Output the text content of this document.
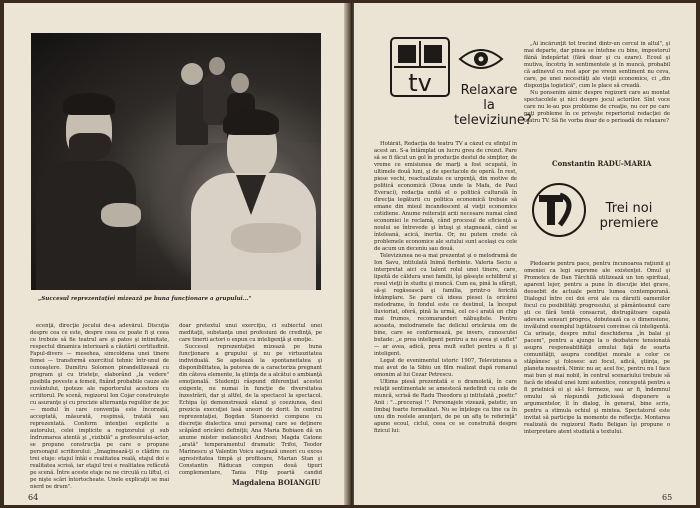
„Succesul reprezentaţiei mizează pe buna funcţionare a grupului..."

ecenţă, direcţie jocului de-a adevărul. Discuţia despre cea ce este, despre ceea ce poate fi şi ceea ce trebuie să fie teatrul are şi patos şi intimitate, respectul dinamica interioară a căutării certitudinii. Fapul-divers — mesehea, simcoldena unei tinere femei — transformă exercitiul tehnic într-unul de cunoaştere. Dumitru Solomon pirandellizează cu program şi cu tristeţe, elaborând „la vedere" posibila poveste a femeii, fixând probabile cauze ale cuvântului, ipoteze ale raportorului acestora cu scriitorul. Pe scenă, regizorul Ion Cojar construieşte cu asuranţe şi cu precizie alternanţa regulilor de joc — modul în care convenţia este încorzată, acceptată, măsurată, respinsă, tratată sau reprezentată. Conform intenţiei explicite a autorului, celei implicite a regizorului şi sub îndrumarea atentă şi „vizibilă" a profesorului-actor, se propune construcţia pe care o propune personajul scriitorului: „Imaginează-ţi o clădire cu trei etaje: etajul întâi e realitatea reală, etajul doi e realitatea scrisă, iar etajul trei e realitatea refăcută pe scenă. Între aceste etaje ne ne circulă cu liftul, ci pe nişte scări întortocheate. Unele explicaţii se mai pierd pe drum".

doar pretextul unui exerciţiu, ci subiectul unei meditaţii, substanţa unei profesiuni de credinţă, pe care tinerii actori o expun cu inteligenţă şi emoţie.

Succesul reprezentaţiei mizează pe buna funcţionare a grupului şi nu pe virtuozitatea individuală. Se apelează la spontaneitatea şi disponibilitatea, la puterea de a caracteriza pregnant din câteva elemente, la ştiinţa de a alcătui o ambianţă emoţională. Studenţii răspund diferenţiat acestei exigente, nu numai în funcţie de diversitatea înzestrării, dar şi altfel, de la spectacol la spectacol. Echipa îşi demonstrează elanul şi coeziunea, desi prezicia execuţiei lasă uneori de dorit. În centrul reprezentaţiei, Bogdan Stanoevici compune cu discreţie dialectica unui personaj care se deţinere scăpând oricărei definiţii; Ana Maria Bobiaon dă un anume mister melancolici Andreei; Magda Catone „arată" temperamentul dramatic Trifoi, Teodor Marinescu şi Valentin Voicu sarjează uneori cu exces agresivitatea timpă şi profitoare, Marian Stan şi Constantin Răducan compun două tipuri complementare, Tania Filip poartă candid

Magdalena BOIANGIU
64
tv	Relaxare la televiziune?

Hotărât, Redacţia de teatru TV a căzut cu sfinţul în acest an. S-a întâmplat un lucru greu de crezut. Pare să se fi făcut un gol în producţie destul de simţitor, de vreme ce emisiunea de marţi a fost ocupată, în ultimele două luni, şi de spectacole de operă. În rest, piese vechi, reactualizate ce urgenţă, din motive de politică economică (Doua unde la Mafa, de Paul Everaci), redacţia unită el o politică culturală în direcţia legăturii cu politica economică trebuie să emane din mieul incandescent al vieţii economice cotidiene. Anume reiterații ariii necesare numai când economiei le reclamă, când procesul de eficienţă a noului se întrevede şi întuşi şi stagnează, când se înteleană, acică, inertia. Or, nu putem crede că problemele economice ale sutului sunt acelaşi cu cele de acum un deceniu sau două.

Televiziunea ne-a mai prezentat şi o melodramă de Ion Savu, intitulată Inimă fierbinte. Valeria Seciu a interpretat aici cu talent rolul unei tinere, care, lipsită de căldura unei familii, îşi găseşte echilibrul şi rosul vieţii în studiu şi muncă. Cum ea, pină la sfârşit, să-şi regăsească şi familia, printr-o fericită întâmplare. Se pare că ideea piesei (a oricărei melodrame, în fondul este ce destinul, la început iluvioriat, oferă, pină la urmă, cel ce-i arată un chip mai frumos, recomaranderi năbuşitele. Pentru aceasta, melodramele fac deliciul oricăruia om de bine, care se conformează, pe invers, cunoscutei butade: „e prea inteligent pentru a nu avea şi suflet" — ar avea, adică, prea mult suflet pentru a fi şi inteligent.

Legat de evenimentul istoric 1907, Televiziunea a mai avut de la Sibiu un film realizat după romanul omonim al lui Cezar Petrescu.

Ultima piesă prezentată e o dramoletă, în care relaţii sentimentale se amestecă nedefinit cu cele de muncă, scrisă de Radu Theodoru şi intitulată „poetic" Anii : "...preceraşi !". Personajele vizează, patetic, un limbaj foarte formalizat. Nu se înţelege ca tine ca în unu din reelele anunţuri, de pe un afiş te referinţă" apune ecoul, ciclul, ceea ce se construită despre fizicul lui:

„Ai încărunţit tot trecind dintr-un cercul în altul", şi mai departe, dar pinea se întehne cu bine, impostorul făină îndepărtat (fără doar şi cu ezare). Ecoul şi mutiva, încotriş în sentimentele şi în muncă, probabil că adinevul cu rost apor pe vreun sentiment nu ceva, care, pe unei necesităţi ale vieţii economice, ci „din dispoziţia logistică", cum le place să creadă.

Nu ponsenim aimic despre regizorii care au montat spectacolele şi nici despre jocul actorilor. Sînt voce care nu le-au pus probleme de creaţie, nu cer pe care puţi probleme în ce priveşte repertoriul redacţiei de teatru TV. Să fie vorba doar de o perioadă de relaxare?

Constantin RADU-MARIA
Trei noi premiere

Pledoarie pentru pace, pentru încunoarea raţiunii şi omeniei ca legi supreme ale existenţei. Omul şi Prometeu de Dan Tărchilă utilizează un ton spiritual, aparent lejer, pentru a pune în discuţie idei grave, deosebit de actuale pentru lumea contemporană. Dialogul între cei doi eroi ale ca dăruiti oamenilor focul cu posibilităţi progresului, şi pământeanul care şti ce fără tentă consacrat, distrugătoare capată adevara sensuri progres, dobutează ca o dimensiune, invăluind exemplul luptătoarei convinse că inteligentă. Ca urinaţe, despre mitul deschiderea „în balai şi pacem", pentru a ajunge la o dezbatere tensionată asupra responsabilităţii omului faţă de soarta comunităţii, asupra condiţiei morale a celor ce stăpânesc şi folosesc azi focul, adică, ştiinţa, pe planeta noastră. Nimic nu ar, acel foc, pentru nu l face mai bun şi mai nobil, în centrul scenariului trebuie să facă de idealul unei lumi autentice, concepută pentru a fi prielnică ei şi să-l formeze, sau ar fi, îndemnul omului să răspundă judicioasă dispunere a argumentelor, îl în dialog, în general, bine scris, pentru a stimula ochiul şi mintea. Spectatorul este invitat să participe la momente de reflecţie. Montarea realizată de regizorul Radu Beligan îşi propune o interpretare atent studiată a textului.

65
